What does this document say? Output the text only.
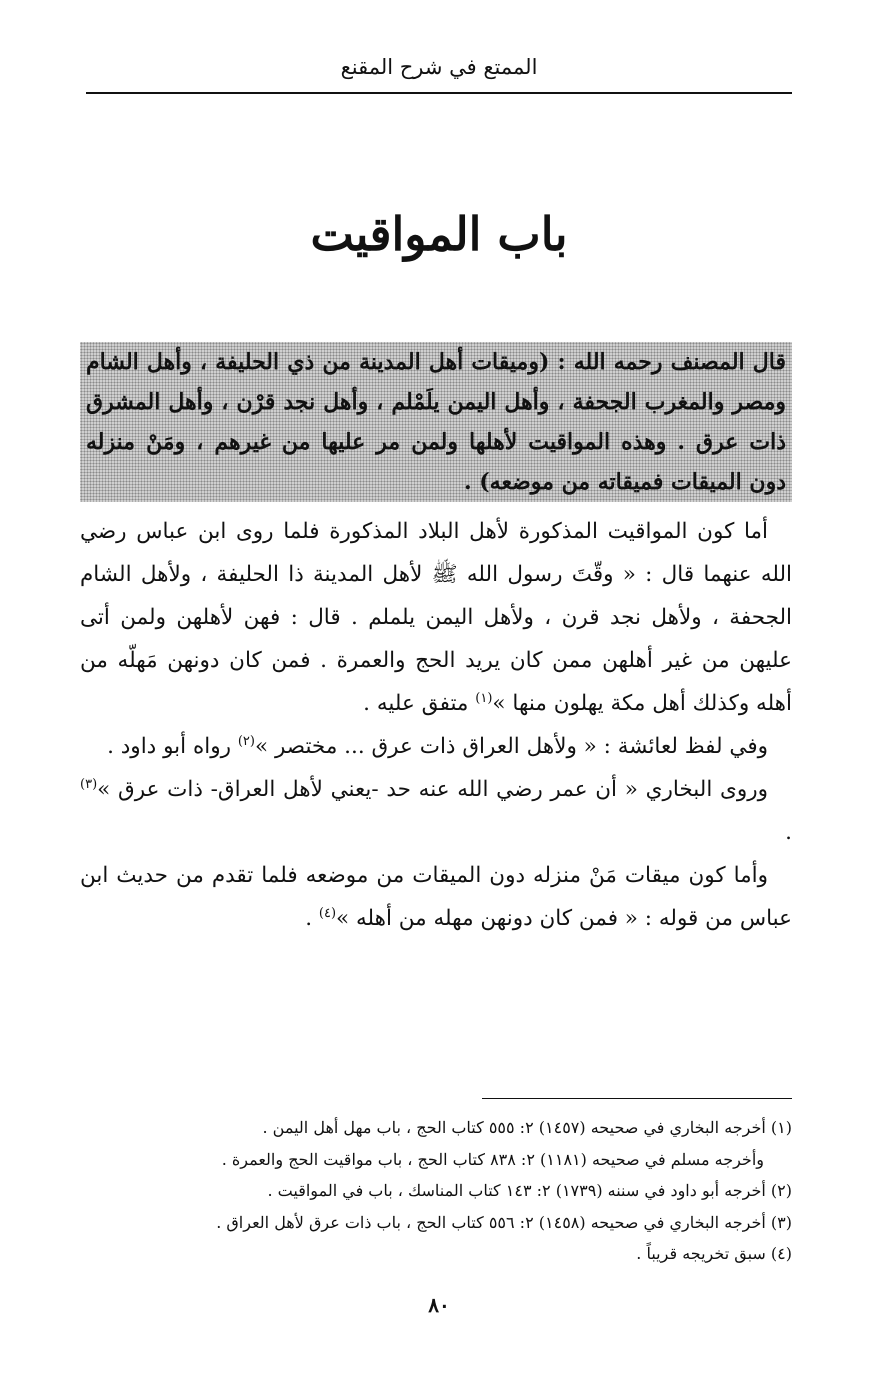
الممتع في شرح المقنع
باب المواقيت
قال المصنف رحمه الله : (وميقات أهل المدينة من ذي الحليفة ، وأهل الشام ومصر والمغرب الجحفة ، وأهل اليمن يلَمْلم ، وأهل نجد قرْن ، وأهل المشرق ذات عرق . وهذه المواقيت لأهلها ولمن مر عليها من غيرهم ، ومَنْ منزله دون الميقات فميقاته من موضعه) .

أما كون المواقيت المذكورة لأهل البلاد المذكورة فلما روى ابن عباس رضي الله عنهما قال : « وقّتَ رسول الله ﷺ لأهل المدينة ذا الحليفة ، ولأهل الشام الجحفة ، ولأهل نجد قرن ، ولأهل اليمن يلملم . قال : فهن لأهلهن ولمن أتى عليهن من غير أهلهن ممن كان يريد الحج والعمرة . فمن كان دونهن مَهلّه من أهله وكذلك أهل مكة يهلون منها »$^{(١)}$ متفق عليه .

وفي لفظ لعائشة : « ولأهل العراق ذات عرق ... مختصر »$^{(٢)}$ رواه أبو داود .

وروى البخاري « أن عمر رضي الله عنه حد -يعني لأهل العراق- ذات عرق »$^{(٣)}$ .

وأما كون ميقات مَنْ منزله دون الميقات من موضعه فلما تقدم من حديث ابن عباس من قوله : « فمن كان دونهن مهله من أهله »$^{(٤)}$ .

(١) أخرجه البخاري في صحيحه (١٤٥٧) ٢: ٥٥٥ كتاب الحج ، باب مهل أهل اليمن .

وأخرجه مسلم في صحيحه (١١٨١) ٢: ٨٣٨ كتاب الحج ، باب مواقيت الحج والعمرة .

(٢) أخرجه أبو داود في سننه (١٧٣٩) ٢: ١٤٣ كتاب المناسك ، باب في المواقيت .

(٣) أخرجه البخاري في صحيحه (١٤٥٨) ٢: ٥٥٦ كتاب الحج ، باب ذات عرق لأهل العراق .

(٤) سبق تخريجه قريباً .

٨٠
